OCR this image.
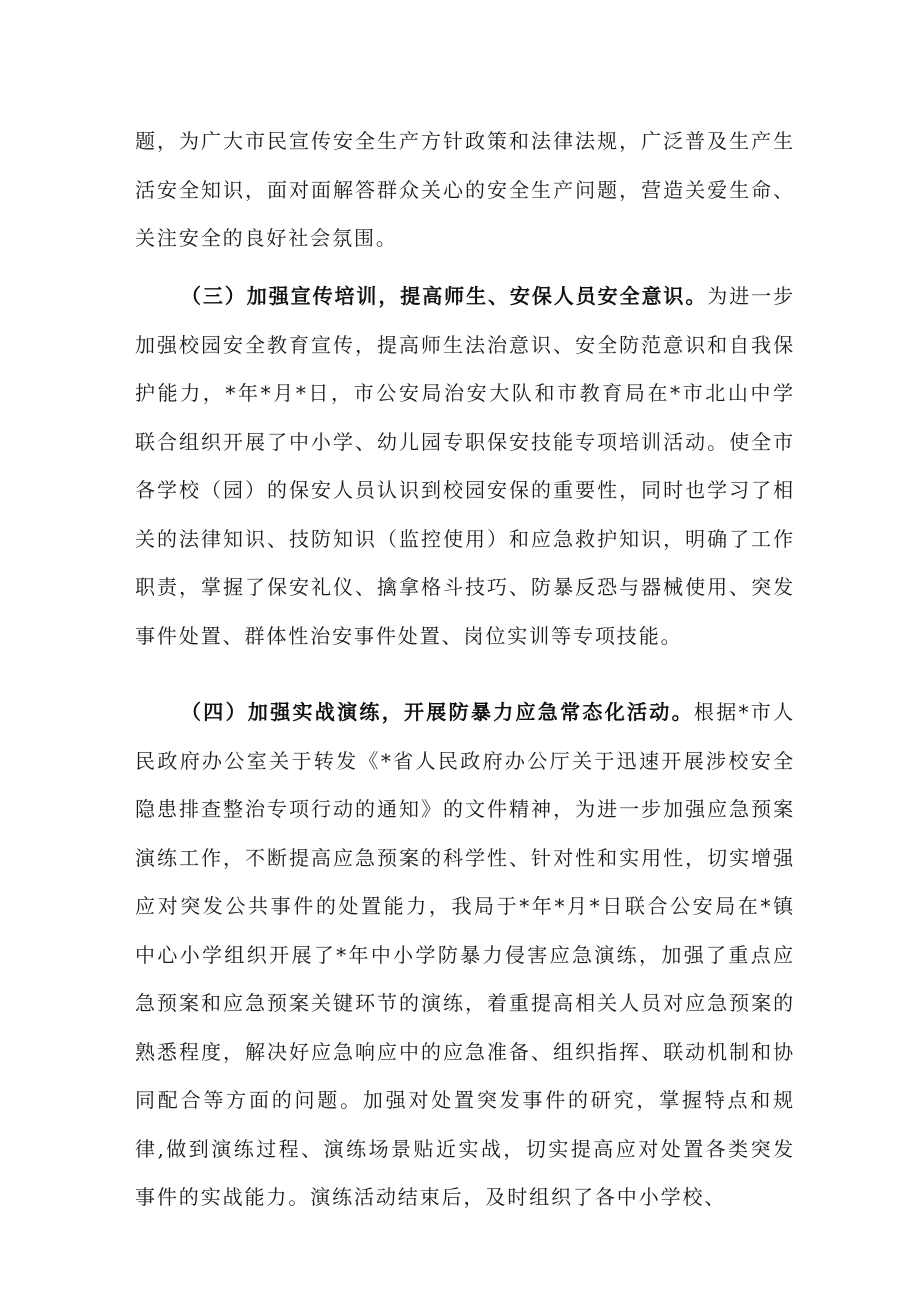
题，为广大市民宣传安全生产方针政策和法律法规，广泛普及生产生活安全知识，面对面解答群众关心的安全生产问题，营造关爱生命、关注安全的良好社会氛围。

（三）加强宣传培训，提高师生、安保人员安全意识。为进一步加强校园安全教育宣传，提高师生法治意识、安全防范意识和自我保护能力，*年*月*日，市公安局治安大队和市教育局在*市北山中学联合组织开展了中小学、幼儿园专职保安技能专项培训活动。使全市各学校（园）的保安人员认识到校园安保的重要性，同时也学习了相关的法律知识、技防知识（监控使用）和应急救护知识，明确了工作职责，掌握了保安礼仪、擒拿格斗技巧、防暴反恐与器械使用、突发事件处置、群体性治安事件处置、岗位实训等专项技能。

（四）加强实战演练，开展防暴力应急常态化活动。根据*市人民政府办公室关于转发《*省人民政府办公厅关于迅速开展涉校安全隐患排查整治专项行动的通知》的文件精神，为进一步加强应急预案演练工作，不断提高应急预案的科学性、针对性和实用性，切实增强应对突发公共事件的处置能力，我局于*年*月*日联合公安局在*镇中心小学组织开展了*年中小学防暴力侵害应急演练，加强了重点应急预案和应急预案关键环节的演练，着重提高相关人员对应急预案的熟悉程度，解决好应急响应中的应急准备、组织指挥、联动机制和协同配合等方面的问题。加强对处置突发事件的研究，掌握特点和规律,做到演练过程、演练场景贴近实战，切实提高应对处置各类突发事件的实战能力。演练活动结束后，及时组织了各中小学校、
